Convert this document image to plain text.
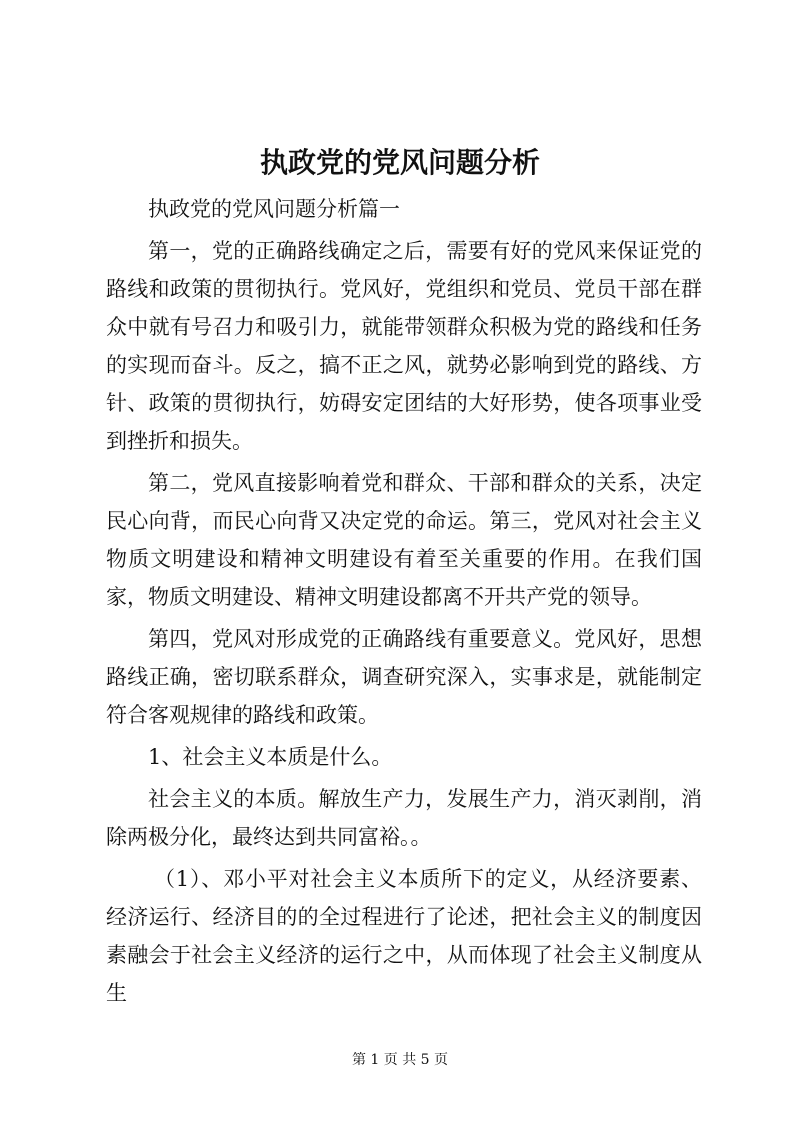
执政党的党风问题分析

执政党的党风问题分析篇一

第一，党的正确路线确定之后，需要有好的党风来保证党的路线和政策的贯彻执行。党风好，党组织和党员、党员干部在群众中就有号召力和吸引力，就能带领群众积极为党的路线和任务的实现而奋斗。反之，搞不正之风，就势必影响到党的路线、方针、政策的贯彻执行，妨碍安定团结的大好形势，使各项事业受到挫折和损失。

第二，党风直接影响着党和群众、干部和群众的关系，决定民心向背，而民心向背又决定党的命运。第三，党风对社会主义物质文明建设和精神文明建设有着至关重要的作用。在我们国家，物质文明建设、精神文明建设都离不开共产党的领导。

第四，党风对形成党的正确路线有重要意义。党风好，思想路线正确，密切联系群众，调查研究深入，实事求是，就能制定符合客观规律的路线和政策。

1、社会主义本质是什么。

社会主义的本质。解放生产力，发展生产力，消灭剥削，消除两极分化，最终达到共同富裕。。

（1）、邓小平对社会主义本质所下的定义，从经济要素、经济运行、经济目的的全过程进行了论述，把社会主义的制度因素融会于社会主义经济的运行之中，从而体现了社会主义制度从生

第 1 页 共 5 页
